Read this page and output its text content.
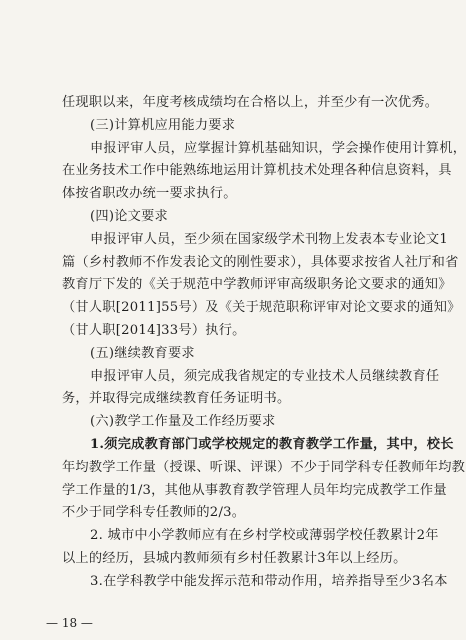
任现职以来，年度考核成绩均在合格以上，并至少有一次优秀。
(三)计算机应用能力要求
申报评审人员，应掌握计算机基础知识，学会操作使用计算机，
在业务技术工作中能熟练地运用计算机技术处理各种信息资料，具
体按省职改办统一要求执行。
(四)论文要求
申报评审人员，至少须在国家级学术刊物上发表本专业论文1
篇（乡村教师不作发表论文的刚性要求），具体要求按省人社厅和省
教育厅下发的《关于规范中学教师评审高级职务论文要求的通知》
（甘人职[2011]55号）及《关于规范职称评审对论文要求的通知》
（甘人职[2014]33号）执行。
(五)继续教育要求
申报评审人员，须完成我省规定的专业技术人员继续教育任
务，并取得完成继续教育任务证明书。
(六)教学工作量及工作经历要求
1.须完成教育部门或学校规定的教育教学工作量，其中，校长
年均教学工作量（授课、听课、评课）不少于同学科专任教师年均教
学工作量的1/3，其他从事教育教学管理人员年均完成教学工作量
不少于同学科专任教师的2/3。
2. 城市中小学教师应有在乡村学校或薄弱学校任教累计2年
以上的经历，县城内教师须有乡村任教累计3年以上经历。
3.在学科教学中能发挥示范和带动作用，培养指导至少3名本
— 18 —
